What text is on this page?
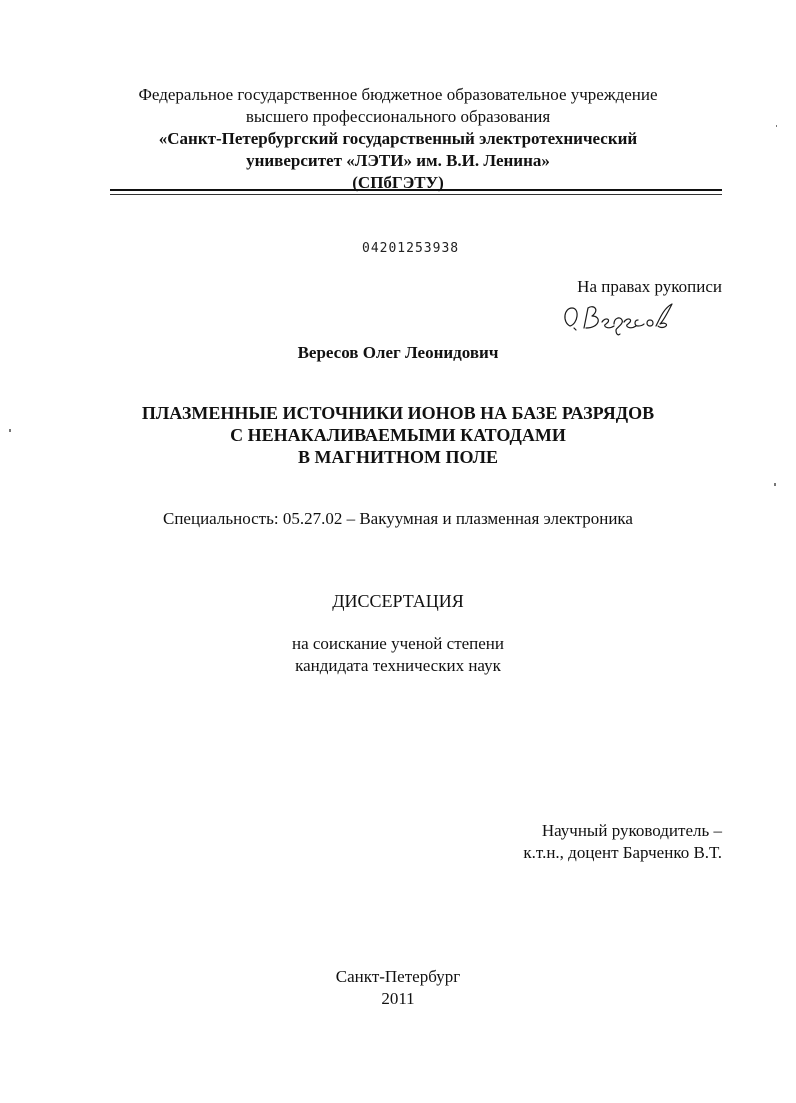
Федеральное государственное бюджетное образовательное учреждение
высшего профессионального образования
«Санкт-Петербургский государственный электротехнический
университет «ЛЭТИ» им. В.И. Ленина»
(СПбГЭТУ)
04201253938
На правах рукописи
Вересов Олег Леонидович
ПЛАЗМЕННЫЕ ИСТОЧНИКИ ИОНОВ НА БАЗЕ РАЗРЯДОВ
С НЕНАКАЛИВАЕМЫМИ КАТОДАМИ
В МАГНИТНОМ ПОЛЕ
Специальность: 05.27.02 – Вакуумная и плазменная электроника
ДИССЕРТАЦИЯ
на соискание ученой степени
кандидата технических наук
Научный руководитель –
к.т.н., доцент Барченко В.Т.
Санкт-Петербург
2011
